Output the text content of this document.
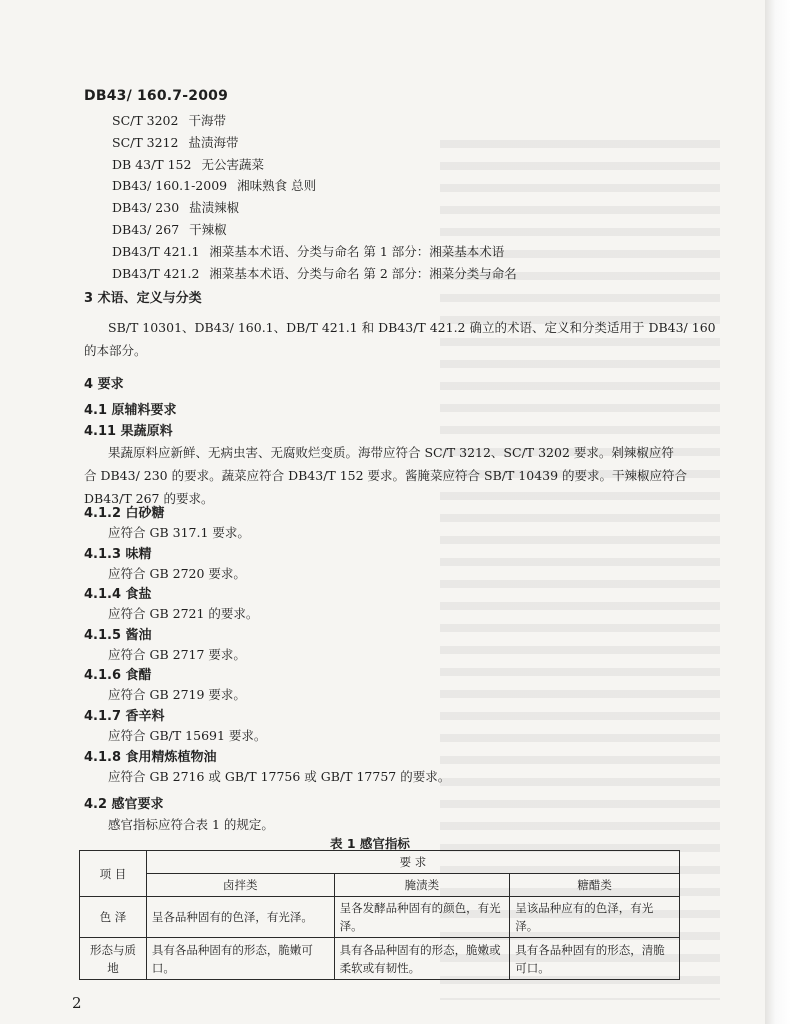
DB43/ 160.7-2009
SC/T 3202 干海带
SC/T 3212 盐渍海带
DB 43/T 152 无公害蔬菜
DB43/ 160.1-2009 湘味熟食 总则
DB43/ 230 盐渍辣椒
DB43/ 267 干辣椒
DB43/T 421.1 湘菜基本术语、分类与命名 第 1 部分：湘菜基本术语
DB43/T 421.2 湘菜基本术语、分类与命名 第 2 部分：湘菜分类与命名
3 术语、定义与分类
SB/T 10301、DB43/ 160.1、DB/T 421.1 和 DB43/T 421.2 确立的术语、定义和分类适用于 DB43/ 160
的本部分。
4 要求
4.1 原辅料要求
4.11 果蔬原料
果蔬原料应新鲜、无病虫害、无腐败烂变质。海带应符合 SC/T 3212、SC/T 3202 要求。剁辣椒应符
合 DB43/ 230 的要求。蔬菜应符合 DB43/T 152 要求。酱腌菜应符合 SB/T 10439 的要求。干辣椒应符合
DB43/T 267 的要求。
4.1.2 白砂糖
应符合 GB 317.1 要求。
4.1.3 味精
应符合 GB 2720 要求。
4.1.4 食盐
应符合 GB 2721 的要求。
4.1.5 酱油
应符合 GB 2717 要求。
4.1.6 食醋
应符合 GB 2719 要求。
4.1.7 香辛料
应符合 GB/T 15691 要求。
4.1.8 食用精炼植物油
应符合 GB 2716 或 GB/T 17756 或 GB/T 17757 的要求。
4.2 感官要求
感官指标应符合表 1 的规定。
表 1 感官指标
项 目	要 求		
	卤拌类	腌渍类	糖醋类
色 泽	呈各品种固有的色泽，有光泽。	呈各发酵品种固有的颜色，有光泽。	呈该品种应有的色泽，有光泽。
形态与质地	具有各品种固有的形态，脆嫩可口。	具有各品种固有的形态，脆嫩或柔软或有韧性。	具有各品种固有的形态，清脆可口。
2
